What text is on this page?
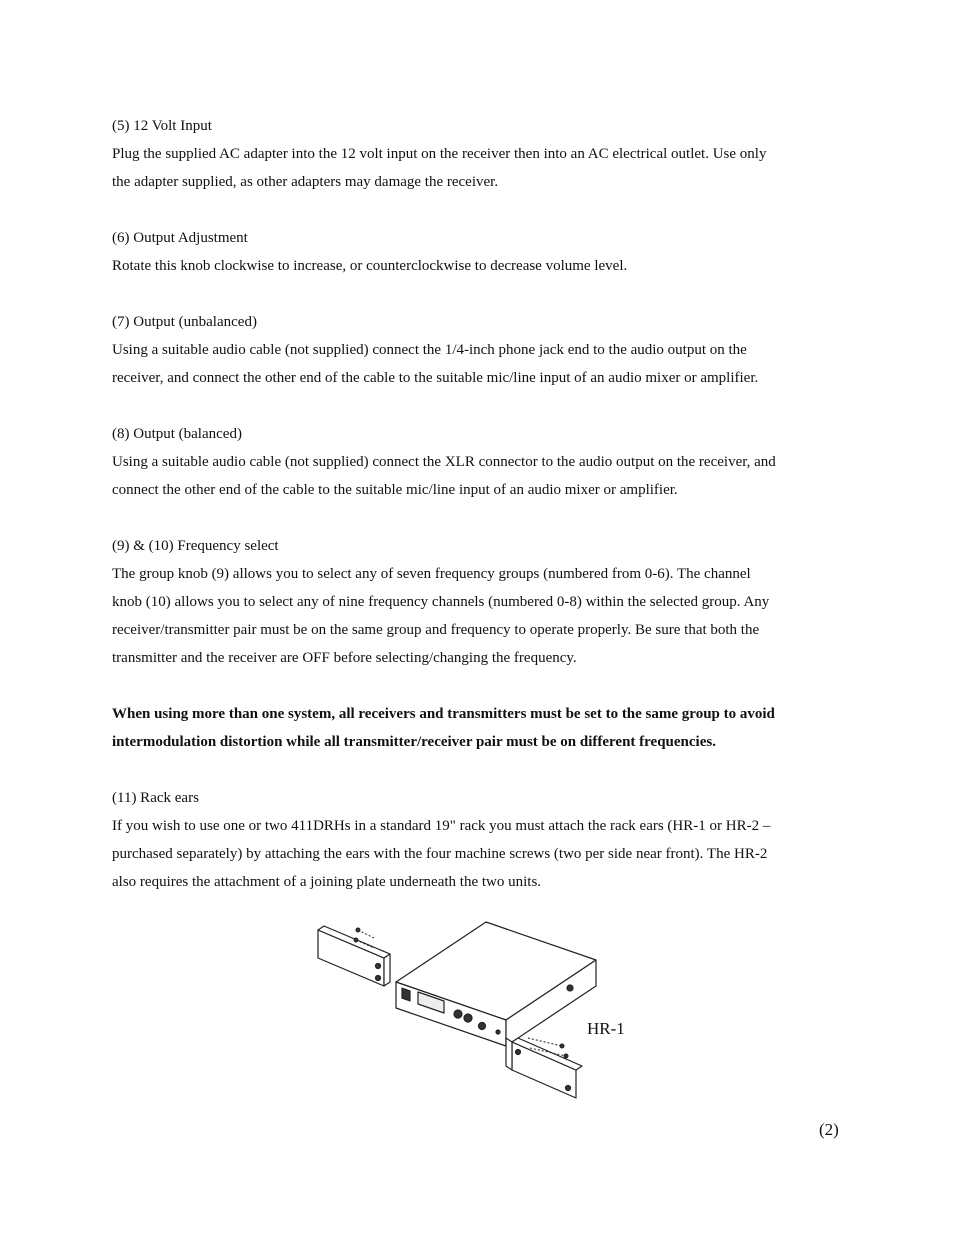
(5) 12 Volt Input

Plug the supplied AC adapter into the 12 volt input on the receiver then into an AC electrical outlet. Use only

the adapter supplied, as other adapters may damage the receiver.

(6) Output Adjustment

Rotate this knob clockwise to increase, or counterclockwise to decrease volume level.

(7) Output (unbalanced)

Using a suitable audio cable (not supplied) connect the 1/4-inch phone jack end to the audio output on the

receiver, and connect the other end of the cable to the suitable mic/line input of an audio mixer or amplifier.

(8) Output (balanced)

Using a suitable audio cable (not supplied) connect the XLR connector to the audio output on the receiver, and

connect the other end of the cable to the suitable mic/line input of an audio mixer or amplifier.

(9) & (10) Frequency select

The group knob (9) allows you to select any of seven frequency groups (numbered from 0-6). The channel

knob (10) allows you to select any of nine frequency channels (numbered 0-8) within the selected group. Any

receiver/transmitter pair must be on the same group and frequency to operate properly. Be sure that both the

transmitter and the receiver are OFF before selecting/changing the frequency.

When using more than one system, all receivers and transmitters must be set to the same group to avoid

intermodulation distortion while all transmitter/receiver pair must be on different frequencies.

(11) Rack ears

If you wish to use one or two 411DRHs in a standard 19" rack you must attach the rack ears (HR-1 or HR-2 –

purchased separately) by attaching the ears with the four machine screws (two per side near front). The HR-2

also requires the attachment of a joining plate underneath the two units.

HR-1
(2)
